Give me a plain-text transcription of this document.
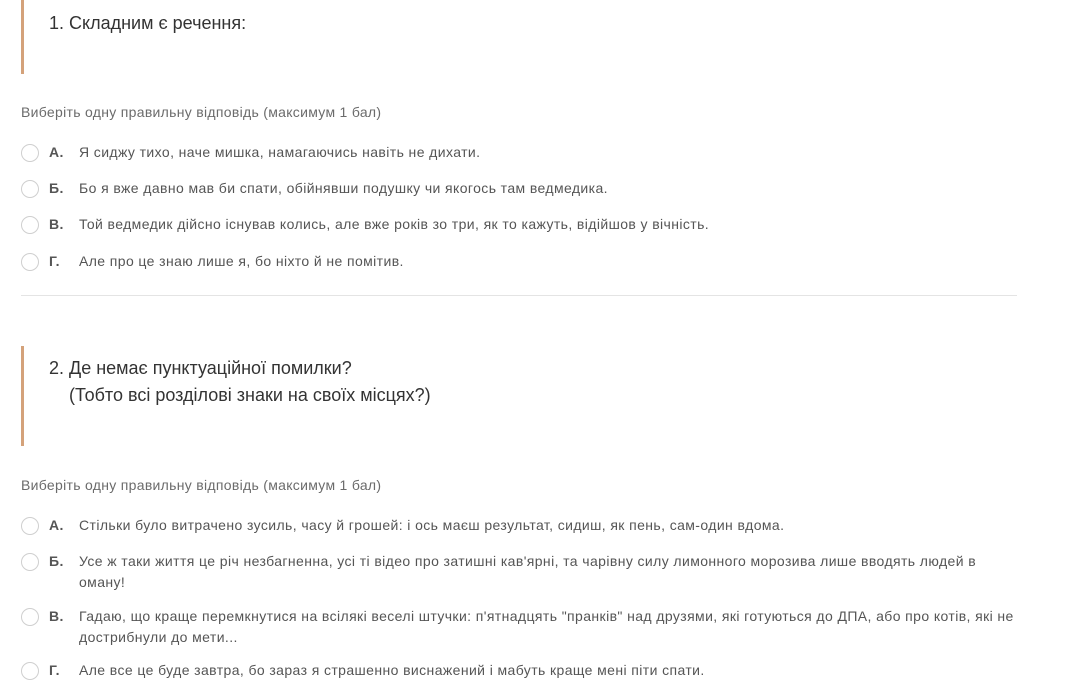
1. Складним є речення:
Виберіть одну правильну відповідь (максимум 1 бал)
А.	Я сиджу тихо, наче мишка, намагаючись навіть не дихати.
Б.	Бо я вже давно мав би спати, обійнявши подушку чи якогось там ведмедика.
В.	Той ведмедик дійсно існував колись, але вже років зо три, як то кажуть, відійшов у вічність.
Г.	Але про це знаю лише я, бо ніхто й не помітив.
2. Де немає пунктуаційної помилки?
(Тобто всі розділові знаки на своїх місцях?)
Виберіть одну правильну відповідь (максимум 1 бал)
А.	Стільки було витрачено зусиль, часу й грошей: і ось маєш результат, сидиш, як пень, сам-один вдома.
Б.	Усе ж таки життя це річ незбагненна, усі ті відео про затишні кав'ярні, та чарівну силу лимонного морозива лише вводять людей в оману!
В.	Гадаю, що краще перемкнутися на всілякі веселі штучки: п'ятнадцять "пранків" над друзями, які готуються до ДПА, або про котів, які не дострибнули до мети...
Г.	Але все це буде завтра, бо зараз я страшенно виснажений і мабуть краще мені піти спати.
